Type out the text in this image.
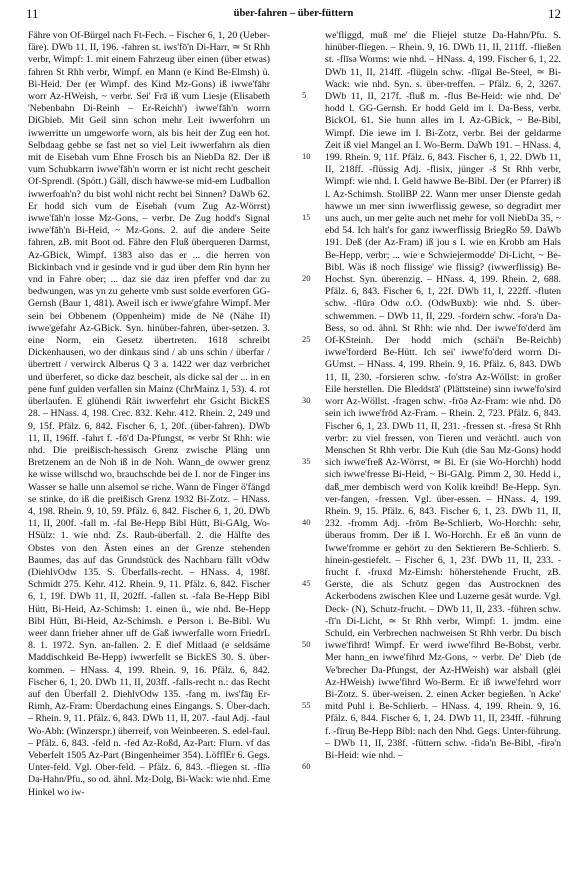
11	über-fahren – über-füttern	12

Fähre von Of-Bürgel nach Ft-Fech. – Fischer 6, 1, 20 (Ueber-färe). DWb 11, II, 196. -fahren st. iws'fō'n Di-Harr, ≃ St Rhh verbr, Wimpf: 1. mit einem Fahrzeug über einen (über etwas) fahren St Rhh verbr, Wimpf. en Mann (e Kind Be-Elmsh) ü. Bi-Heid. Der (er Wimpf. des Kind Mz-Gons) iß iwwe'fāhr worr Az-HWeish, ~ verbr. Sei' Frā iß vum Liesje (Elisabeth 'Nebenbahn Di-Reinh – Er-Reichh') iwwe'fāh'n worrn DiGbieb. Mit Geil sinn schon mehr Leit iwwerfohrn un iwwerritte un umgeworfe worn, als bis heit der Zug een hot. Selbdaag gebbe se fast net so viel Leit iwwerfahrn als dien mit de Eisebah vum Ehne Frosch bis an NiebDa 82. Der iß vum Schubkarrn iwwe'fāh'n worrn er ist nicht recht gescheit Of-Sprendl. (Spött.) Gäll, disch hawwe-se mid-em Ludballon iwwerfoah'n? du bist wohl nicht recht bei Sinnen? DaWb 62. Er hodd sich vum de Eisebah (vum Zug Az-Wörrst) iwwe'fāh'n losse Mz-Gons, – verbr. De Zug hodd's Signal iwwe'fāh'n Bi-Heid, ~ Mz-Gons. 2. auf die andere Seite fahren, zB. mit Boot od. Fähre den Fluß überqueren Darmst, Az-GBick, Wimpf. 1383 also das er ... die herren von Bickinbach vnd ir gesinde vnd ir gud über dem Rin hynn her vnd in Fahre ober; ... daz sie daz iren pfeffer vnd dar zu bedwungen, was yn zu geherte vmb sust solde everforen GG-Gernsh (Baur 1, 481). Aweil isch er iwwe'gfahre Wimpf. Mer sein bei Obbenem (Oppenheim) mide de Nē (Nähe II) iwwe'gefahr Az-GBick. Syn. hinüber-fahren, über-setzen. 3. eine Norm, ein Gesetz übertreten. 1618 schreibt Dickenhausen, wo der dinkaus sind / ab uns schin / überfar / übertrett / verwirck Alberus Q 3 a. 1422 wer daz verbrichet und überferet, so dicke daz bescheit, als dicke sal der ... in en pene funf gulden verfallen sin Mainz (ChrMainz 1, 53). 4. rot überlaufen. E glühendi Räit iwwerfehrt ehr Gsicht BickES 28. – HNass. 4, 198. Crec. 832. Kehr. 412. Rhein. 2, 249 und 9, 15f. Pfälz. 6, 842. Fischer 6, 1, 20f. (über-fahren). DWb 11, II, 196ff. -fahrt f. -fō'd Da-Pfungst, ≃ verbr St Rhh: wie nhd. Die preißisch-hessisch Grenz zwische Pläng unn Bretzenem an de Noh iß in de Noh. Wann_de owwer grenz ke wisse willschd wo, brauchschde bei de I. nor de Finger ins Wasser se halle unn alsemol se riche. Wann de Finger ö'fängd se stinke, do iß die preißisch Grenz 1932 Bi-Zotz. – HNass. 4, 198. Rhein. 9, 10, 59. Pfälz. 6, 842. Fischer 6, 1, 20. DWb 11, II, 200f. -fall m. -fal Be-Hepp Bibl Hütt, Bi-GAlg, Wo-HSülz: 1. wie nhd. Zs. Raub-überfall. 2. die Hälfte des Obstes von den Ästen eines an der Grenze stehenden Baumes, das auf das Grundstück des Nachbarn fällt vOdw (DiehlvOdw 135. S. Überfalls-recht. – HNass. 4, 198f. Schmidt 275. Kehr. 412. Rhein. 9, 11. Pfälz. 6, 842. Fischer 6, 1, 19f. DWb 11, II, 202ff. -fallen st. -falə Be-Hepp Bibl Hütt, Bi-Heid, Az-Schimsh: 1. einen ü., wie nhd. Be-Hepp Bibl Hütt, Bi-Heid, Az-Schimsh. e Person i. Be-Bibl. Wu weer dann frieher ahner uff de Gaß iwwerfalle worn FriedrL 8. 1. 1972. Syn. an-fallen. 2. E dief Mitlaad (e seldsäme Maddischkeid Be-Hepp) iwwerfellt se BickES 30. S. über-kommen. – HNass. 4, 199. Rhein. 9, 16. Pfälz. 6, 842. Fischer 6, 1, 20. DWb 11, II, 203ff. -falls-recht n.: das Recht auf den Überfall 2. DiehlvOdw 135. -fang m. iws'fāŋ Er-Rimh, Az-Fram: Überdachung eines Eingangs. S. Über-dach. – Rhein. 9, 11. Pfälz. 6, 843. DWb 11, II, 207. -faul Adj. -faul Wo-Abh: (Winzerspr.) überreif, von Weinbeeren. S. edel-faul. – Pfälz. 6, 843. -feld n. -fed Az-Roßd, Az-Part: Flurn. vf das Veberfelt 1505 Az-Part (Bingenheimer 354). LöfflEr 6. Gegs. Unter-feld. Vgl. Ober-feld. – Pfälz. 6, 843. -fliegen st. -flīə Da-Hahn/Pfu., so od. ähnl. Mz-Dolg, Bi-Wack: wie nhd. Eme Hinkel wo iw-

5
10
15
20
25
30
35
40
45
50
55
60

we'fliggd, muß me' die Fliejel stutze Da-Hahn/Pfu. S. hinüber-fliegen. – Rhein. 9, 16. DWb 11, II, 211ff. -fließen st. -flīsə Worms: wie nhd. – HNass. 4, 199. Fischer 6, 1, 22. DWb 11, II, 214ff. -flügeln schw. -flīgəl Be-Steel, ≃ Bi-Wack: wie nhd. Syn. s. über-treffen. – Pfälz. 6, 2, 3267. DWb 11, II, 217f. -fluß m. -flus Be-Heid: wie nhd. De' hodd l. GG-Gernsh. Er hodd Geld im l. Da-Bess, verbr. BickOL 61. Sie hunn alles im I. Az-GBick, ~ Be-Bibl, Wimpf. Die iewe im I. Bi-Zotz, verbr. Bei der geldarme Zeit iß viel Mangel an I. Wo-Berm. DaWb 191. – HNass. 4, 199. Rhein. 9, 11f. Pfälz. 6, 843. Fischer 6, 1, 22. DWb 11, II, 218ff. -flüssig Adj. -flisix, jünger -š St Rhh verbr, Wimpf: wie nhd. I. Geld hawwe Be-Bibl. Der (er Pfarrer) iß l. Az-Schimsh. StollBP 22. Wann mer unser Dienste gedah hawwe un mer sinn iwwerflissig gewese, so degradirt mer uns auch, un mer gelte auch net mehr for voll NiebDa 35, ~ ebd 54. Ich halt's for ganz iwwerflissig BriegRo 59. DaWb 191. Deß (der Az-Fram) iß jou s I. wie en Krobb am Hals Be-Hepp, verbr; ... wie e Schwiejermodde' Di-Licht, ~ Be-Bibl. Wäs iß noch flissige' wie flissig? (iwwerflissig) Be-Hochst. Syn. überenzig. – HNass. 4, 199. Rhein. 2, 688. Pfälz. 6, 843. Fischer 6, 1, 22f. DWb 11, I, 222ff. -fluten schw. -flūrə Odw o.O. (OdwBuxb): wie nhd. S. über-schwemmen. – DWb 11, II, 229. -fordern schw. -forə'n Da-Bess, so od. ähnl. St Rhh: wie nhd. Der iwwe'fo'derd äm Of-KSteinh. Der hodd mich (schäi'n Be-Reichb) iwwe'forderd Be-Hütt. Ich sei' iwwe'fo'derd worrn Di-GUmst. – HNass. 4, 199. Rhein. 9, 16. Pfälz. 6, 843. DWb 11, II, 230. -forsieren schw. -fo'strə Az-Wöllst: in großer Eile herstellen. Die Bleddstā' (Plättsteine) sinn iwwe'fo'sird worr Az-Wöllst. -fragen schw. -frōə Az-Fram: wie nhd. Dō sein ich iwwe'frōd Az-Fram. – Rhein. 2, 723. Pfälz. 6, 843. Fischer 6, 1, 23. DWb 11, II, 231. -fressen st. -fresə St Rhh verbr: zu viel fressen, von Tieren und verächtl. auch von Menschen St Rhh verbr. Die Kuh (die Sau Mz-Gons) hodd sich iwwe'freß Az-Wörrst, ≃ Bi. Er (sie Wo-Horchh) hodd sich iwwe'fresse Bi-Heid, ~ Bi-GAlg. Pimm 2, 30. Hedd i., daß_mer dembisch werd von Kolik kreihd! Be-Hepp. Syn. ver-fangen, -fressen. Vgl. über-essen. – HNass. 4, 199. Rhein. 9, 15. Pfälz. 6, 843. Fischer 6, 1, 23. DWb 11, II, 232. -fromm Adj. -frōm Be-Schlierb, Wo-Horchh: sehr, überaus fromm. Der iß I. Wo-Horchh. Er eß ān vunn de Iwwe'fromme er gehört zu den Sektierern Be-Schlierb. S. hinein-gestiefelt. – Fischer 6, 1, 23f. DWb 11, II, 233. -frucht f. -fruxd Mz-Eimsh: höherstehende Frucht, zB. Gerste, die als Schutz gegen das Austrocknen des Ackerbodens zwischen Klee und Luzerne gesät wurde. Vgl. Deck- (N), Schutz-frucht. – DWb 11, II, 233. -führen schw. -fī'n Di-Licht, ≃ St Rhh verbr, Wimpf: 1. jmdm. eine Schuld, ein Verbrechen nachweisen St Rhh verbr. Du bisch iwwe'fihrd! Wimpf. Er werd iwwe'fihrd Be-Bobst, verbr. Mer hann_en iwwe'fihrd Mz-Gons, ~ verbr. De' Dieb (de Ve'brecher Da-Pfungst, der Az-HWeish) war alsball (glei Az-HWeish) iwwe'fihrd Wo-Berm. Er iß iwwe'fehrd worr Bi-Zotz. S. über-weisen. 2. einen Acker begießen. 'n Acke' mitd Puhl i. Be-Schlierb. – HNass. 4, 199. Rhein. 9, 16. Pfälz. 6, 844. Fischer 6, 1, 24. DWb 11, II, 234ff. -führung f. -fīruŋ Be-Hepp Bibl: nach den Nhd. Gegs. Unter-führung. – DWb 11, II, 238f. -füttern schw. -fidə'n Be-Bibl, -firə'n Bi-Heid: wie nhd. –
